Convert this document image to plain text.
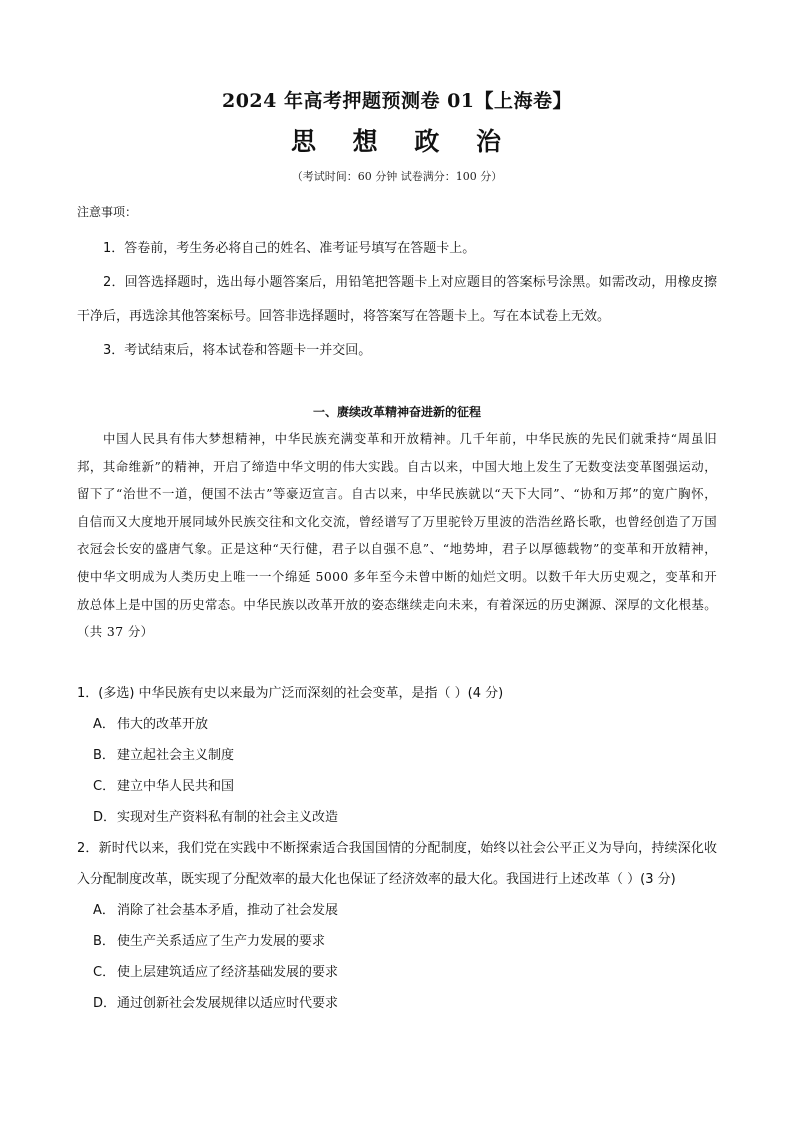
2024 年高考押题预测卷 01【上海卷】
思 想 政 治
（考试时间：60 分钟 试卷满分：100 分）
注意事项：
1．答卷前，考生务必将自己的姓名、准考证号填写在答题卡上。
2．回答选择题时，选出每小题答案后，用铅笔把答题卡上对应题目的答案标号涂黑。如需改动，用橡皮擦干净后，再选涂其他答案标号。回答非选择题时，将答案写在答题卡上。写在本试卷上无效。
3．考试结束后，将本试卷和答题卡一并交回。
一、赓续改革精神奋进新的征程
中国人民具有伟大梦想精神，中华民族充满变革和开放精神。几千年前，中华民族的先民们就秉持“周虽旧邦，其命维新”的精神，开启了缔造中华文明的伟大实践。自古以来，中国大地上发生了无数变法变革图强运动，留下了“治世不一道，便国不法古”等豪迈宣言。自古以来，中华民族就以“天下大同”、“协和万邦”的宽广胸怀，自信而又大度地开展同域外民族交往和文化交流，曾经谱写了万里驼铃万里波的浩浩丝路长歌，也曾经创造了万国衣冠会长安的盛唐气象。正是这种“天行健，君子以自强不息”、“地势坤，君子以厚德载物”的变革和开放精神，使中华文明成为人类历史上唯一一个绵延 5000 多年至今未曾中断的灿烂文明。以数千年大历史观之，变革和开放总体上是中国的历史常态。中华民族以改革开放的姿态继续走向未来，有着深远的历史渊源、深厚的文化根基。（共 37 分）
1．(多选) 中华民族有史以来最为广泛而深刻的社会变革，是指（ ）(4 分)
A． 伟大的改革开放
B． 建立起社会主义制度
C． 建立中华人民共和国
D． 实现对生产资料私有制的社会主义改造
2．新时代以来，我们党在实践中不断探索适合我国国情的分配制度，始终以社会公平正义为导向，持续深化收入分配制度改革，既实现了分配效率的最大化也保证了经济效率的最大化。我国进行上述改革（ ）(3 分)
A． 消除了社会基本矛盾，推动了社会发展
B． 使生产关系适应了生产力发展的要求
C． 使上层建筑适应了经济基础发展的要求
D． 通过创新社会发展规律以适应时代要求
